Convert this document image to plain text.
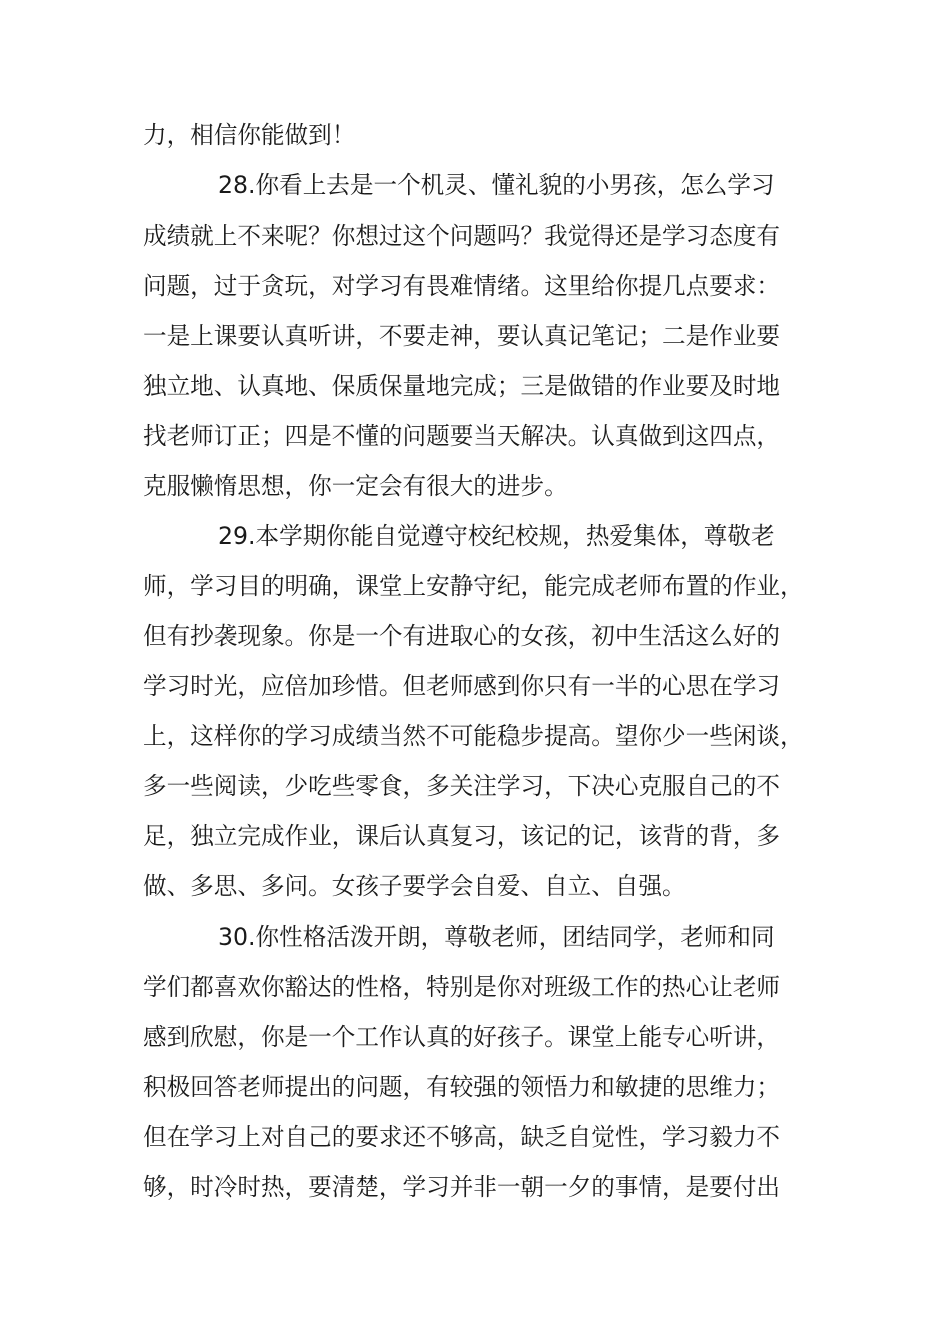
力，相信你能做到！
28.你看上去是一个机灵、懂礼貌的小男孩，怎么学习
成绩就上不来呢？你想过这个问题吗？我觉得还是学习态度有
问题，过于贪玩，对学习有畏难情绪。这里给你提几点要求：
一是上课要认真听讲，不要走神，要认真记笔记；二是作业要
独立地、认真地、保质保量地完成；三是做错的作业要及时地
找老师订正；四是不懂的问题要当天解决。认真做到这四点，
克服懒惰思想，你一定会有很大的进步。
29.本学期你能自觉遵守校纪校规，热爱集体，尊敬老
师，学习目的明确，课堂上安静守纪，能完成老师布置的作业，
但有抄袭现象。你是一个有进取心的女孩，初中生活这么好的
学习时光，应倍加珍惜。但老师感到你只有一半的心思在学习
上，这样你的学习成绩当然不可能稳步提高。望你少一些闲谈，
多一些阅读，少吃些零食，多关注学习，下决心克服自己的不
足，独立完成作业，课后认真复习，该记的记，该背的背，多
做、多思、多问。女孩子要学会自爱、自立、自强。
30.你性格活泼开朗，尊敬老师，团结同学，老师和同
学们都喜欢你豁达的性格，特别是你对班级工作的热心让老师
感到欣慰，你是一个工作认真的好孩子。课堂上能专心听讲，
积极回答老师提出的问题，有较强的领悟力和敏捷的思维力；
但在学习上对自己的要求还不够高，缺乏自觉性，学习毅力不
够，时冷时热，要清楚，学习并非一朝一夕的事情，是要付出
